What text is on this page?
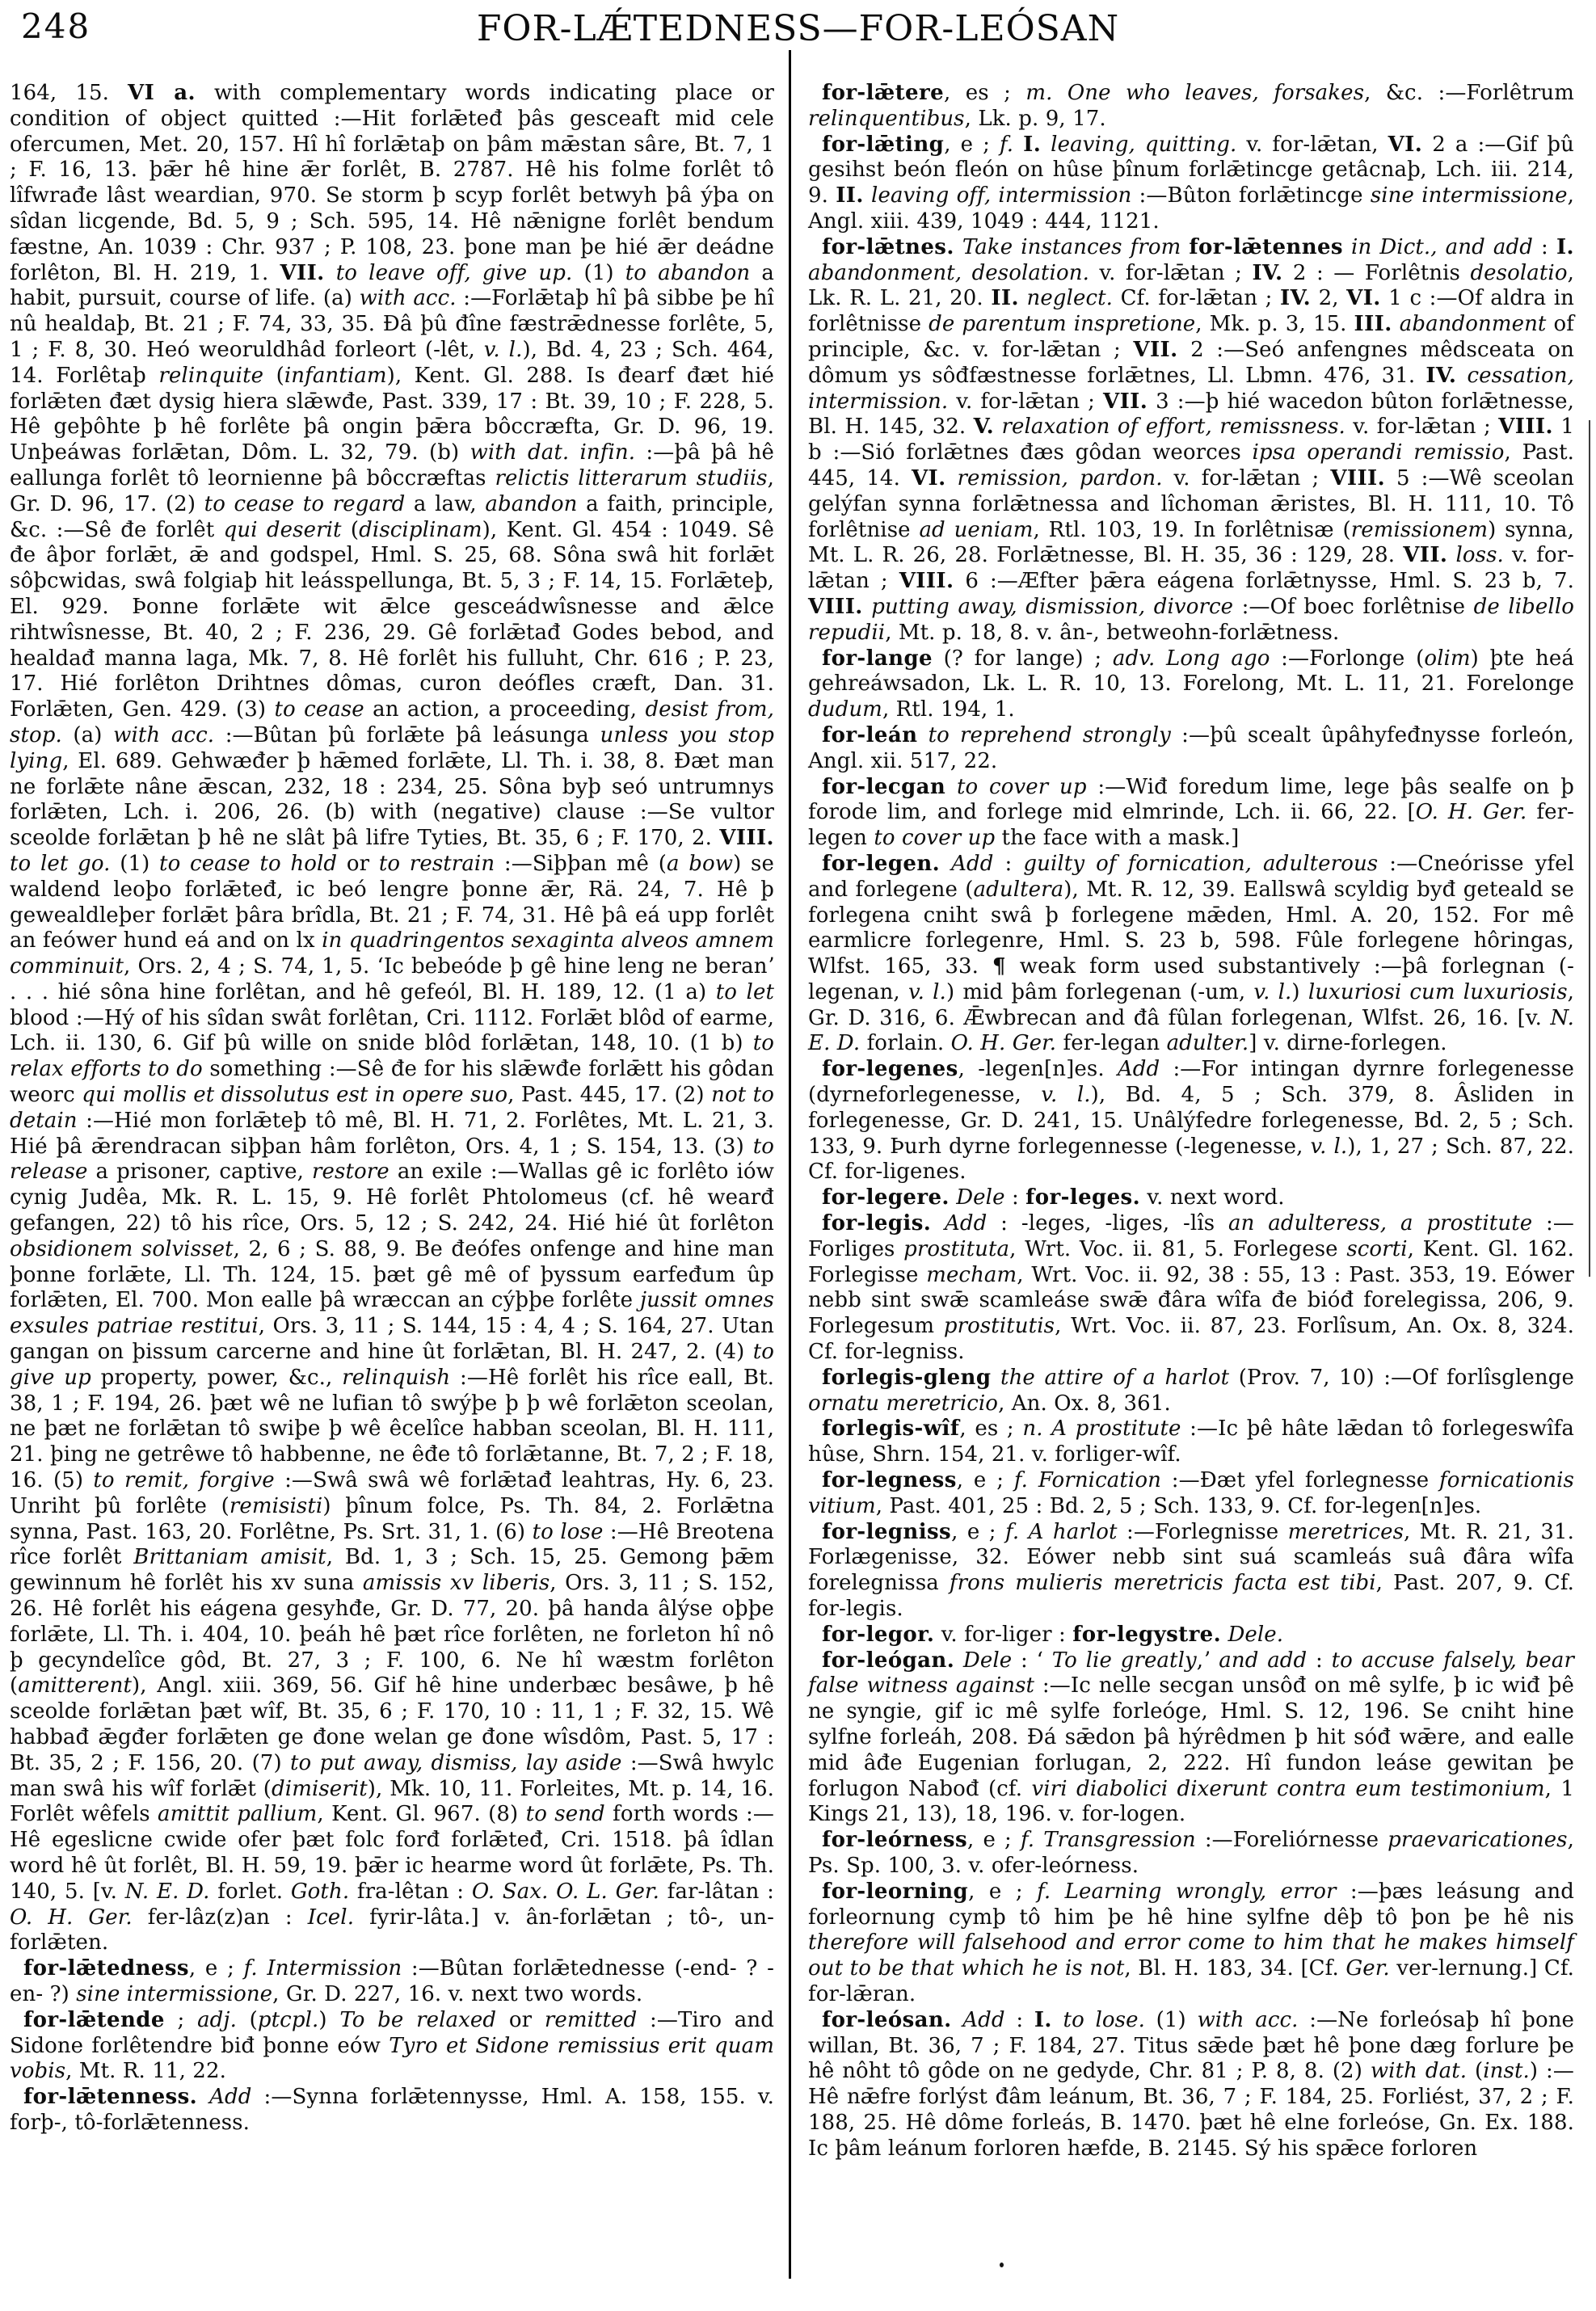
248	FOR-LǼTEDNESS—FOR-LEÓSAN

164, 15. VI a. with complementary words indicating place or condition of object quitted :—Hit forlǣteđ þâs gesceaft mid cele ofercumen, Met. 20, 157. Hî hî forlǣtaþ on þâm mǣstan sâre, Bt. 7, 1 ; F. 16, 13. þǣr hê hine ǣr forlêt, B. 2787. Hê his folme forlêt tô lîfwrađe lâst weardian, 970. Se storm þ scyp forlêt betwyh þâ ýþa on sîdan licgende, Bd. 5, 9 ; Sch. 595, 14. Hê nǣnigne forlêt bendum fæstne, An. 1039 : Chr. 937 ; P. 108, 23. þone man þe hié ǣr deádne forlêton, Bl. H. 219, 1. VII. to leave off, give up. (1) to abandon a habit, pursuit, course of life. (a) with acc. :—Forlǣtaþ hî þâ sibbe þe hî nû healdaþ, Bt. 21 ; F. 74, 33, 35. Ðâ þû đîne fæstrǣdnesse forlête, 5, 1 ; F. 8, 30. Heó weoruldhâd forleort (-lêt, v. l.), Bd. 4, 23 ; Sch. 464, 14. Forlêtaþ relinquite (infantiam), Kent. Gl. 288. Is đearf đæt hié forlǣten đæt dysig hiera slǣwđe, Past. 339, 17 : Bt. 39, 10 ; F. 228, 5. Hê geþôhte þ hê forlête þâ ongin þǣra bôccræfta, Gr. D. 96, 19. Unþeáwas forlǣtan, Dôm. L. 32, 79. (b) with dat. infin. :—þâ þâ hê eallunga forlêt tô leornienne þâ bôccræftas relictis litterarum studiis, Gr. D. 96, 17. (2) to cease to regard a law, abandon a faith, principle, &c. :—Sê đe forlêt qui deserit (disciplinam), Kent. Gl. 454 : 1049. Sê đe âþor forlǣt, ǣ and godspel, Hml. S. 25, 68. Sôna swâ hit forlǣt sôþcwidas, swâ folgiaþ hit leásspellunga, Bt. 5, 3 ; F. 14, 15. Forlǣteþ, El. 929. Þonne forlǣte wit ǣlce gesceádwîsnesse and ǣlce rihtwîsnesse, Bt. 40, 2 ; F. 236, 29. Gê forlǣtađ Godes bebod, and healdađ manna laga, Mk. 7, 8. Hê forlêt his fulluht, Chr. 616 ; P. 23, 17. Hié forlêton Drihtnes dômas, curon deófles cræft, Dan. 31. Forlǣten, Gen. 429. (3) to cease an action, a proceeding, desist from, stop. (a) with acc. :—Bûtan þû forlǣte þâ leásunga unless you stop lying, El. 689. Gehwæđer þ hǣmed forlǣte, Ll. Th. i. 38, 8. Ðæt man ne forlǣte nâne ǣscan, 232, 18 : 234, 25. Sôna byþ seó untrumnys forlǣten, Lch. i. 206, 26. (b) with (negative) clause :—Se vultor sceolde forlǣtan þ hê ne slât þâ lifre Tyties, Bt. 35, 6 ; F. 170, 2. VIII. to let go. (1) to cease to hold or to restrain :—Siþþan mê (a bow) se waldend leoþo forlǣteđ, ic beó lengre þonne ǣr, Rä. 24, 7. Hê þ gewealdleþer forlǣt þâra brîdla, Bt. 21 ; F. 74, 31. Hê þâ eá upp forlêt an feówer hund eá and on lx in quadringentos sexaginta alveos amnem comminuit, Ors. 2, 4 ; S. 74, 1, 5. ʻIc bebeóde þ gê hine leng ne beranʼ . . . hié sôna hine forlêtan, and hê gefeól, Bl. H. 189, 12. (1 a) to let blood :—Hý of his sîdan swât forlêtan, Cri. 1112. Forlǣt blôd of earme, Lch. ii. 130, 6. Gif þû wille on snide blôd forlǣtan, 148, 10. (1 b) to relax efforts to do something :—Sê đe for his slǣwđe forlǣtt his gôdan weorc qui mollis et dissolutus est in opere suo, Past. 445, 17. (2) not to detain :—Hié mon forlǣteþ tô mê, Bl. H. 71, 2. Forlêtes, Mt. L. 21, 3. Hié þâ ǣrendracan siþþan hâm forlêton, Ors. 4, 1 ; S. 154, 13. (3) to release a prisoner, captive, restore an exile :—Wallas gê ic forlêto iów cynig Judêa, Mk. R. L. 15, 9. Hê forlêt Phtolomeus (cf. hê wearđ gefangen, 22) tô his rîce, Ors. 5, 12 ; S. 242, 24. Hié hié ût forlêton obsidionem solvisset, 2, 6 ; S. 88, 9. Be đeófes onfenge and hine man þonne forlǣte, Ll. Th. 124, 15. þæt gê mê of þyssum earfeđum ûp forlǣten, El. 700. Mon ealle þâ wræccan an cýþþe forlête jussit omnes exsules patriae restitui, Ors. 3, 11 ; S. 144, 15 : 4, 4 ; S. 164, 27. Utan gangan on þissum carcerne and hine ût forlǣtan, Bl. H. 247, 2. (4) to give up property, power, &c., relinquish :—Hê forlêt his rîce eall, Bt. 38, 1 ; F. 194, 26. þæt wê ne lufian tô swýþe þ þ wê forlǣton sceolan, ne þæt ne forlǣtan tô swiþe þ wê êcelîce habban sceolan, Bl. H. 111, 21. þing ne getrêwe tô habbenne, ne êđe tô forlǣtanne, Bt. 7, 2 ; F. 18, 16. (5) to remit, forgive :—Swâ swâ wê forlǣtađ leahtras, Hy. 6, 23. Unriht þû forlête (remisisti) þînum folce, Ps. Th. 84, 2. Forlǣtna synna, Past. 163, 20. Forlêtne, Ps. Srt. 31, 1. (6) to lose :—Hê Breotena rîce forlêt Brittaniam amisit, Bd. 1, 3 ; Sch. 15, 25. Gemong þǣm gewinnum hê forlêt his xv suna amissis xv liberis, Ors. 3, 11 ; S. 152, 26. Hê forlêt his eágena gesyhđe, Gr. D. 77, 20. þâ handa âlýse oþþe forlǣte, Ll. Th. i. 404, 10. þeáh hê þæt rîce forlêten, ne forleton hî nô þ gecyndelîce gôd, Bt. 27, 3 ; F. 100, 6. Ne hî wæstm forlêton (amitterent), Angl. xiii. 369, 56. Gif hê hine underbæc besâwe, þ hê sceolde forlǣtan þæt wîf, Bt. 35, 6 ; F. 170, 10 : 11, 1 ; F. 32, 15. Wê habbađ ǣgđer forlǣten ge đone welan ge đone wîsdôm, Past. 5, 17 : Bt. 35, 2 ; F. 156, 20. (7) to put away, dismiss, lay aside :—Swâ hwylc man swâ his wîf forlǣt (dimiserit), Mk. 10, 11. Forleites, Mt. p. 14, 16. Forlêt wêfels amittit pallium, Kent. Gl. 967. (8) to send forth words :—Hê egeslicne cwide ofer þæt folc forđ forlǣteđ, Cri. 1518. þâ îdlan word hê ût forlêt, Bl. H. 59, 19. þǣr ic hearme word ût forlǣte, Ps. Th. 140, 5. [v. N. E. D. forlet. Goth. fra-lêtan : O. Sax. O. L. Ger. far-lâtan : O. H. Ger. fer-lâz(z)an : Icel. fyrir-lâta.] v. ân-forlǣtan ; tô-, un-forlǣten.

for-lǣtedness, e ; f. Intermission :—Bûtan forlǣtednesse (-end- ? -en- ?) sine intermissione, Gr. D. 227, 16. v. next two words.

for-lǣtende ; adj. (ptcpl.) To be relaxed or remitted :—Tiro and Sidone forlêtendre biđ þonne eów Tyro et Sidone remissius erit quam vobis, Mt. R. 11, 22.

for-lǣtenness. Add :—Synna forlǣtennysse, Hml. A. 158, 155. v. forþ-, tô-forlǣtenness.

for-lǣtere, es ; m. One who leaves, forsakes, &c. :—Forlêtrum relinquentibus, Lk. p. 9, 17.

for-lǣting, e ; f. I. leaving, quitting. v. for-lǣtan, VI. 2 a :—Gif þû gesihst beón fleón on hûse þînum forlǣtincge getâcnaþ, Lch. iii. 214, 9. II. leaving off, intermission :—Bûton forlǣtincge sine intermissione, Angl. xiii. 439, 1049 : 444, 1121.

for-lǣtnes. Take instances from for-lǣtennes in Dict., and add : I. abandonment, desolation. v. for-lǣtan ; IV. 2 : — Forlêtnis desolatio, Lk. R. L. 21, 20. II. neglect. Cf. for-lǣtan ; IV. 2, VI. 1 c :—Of aldra in forlêtnisse de parentum inspretione, Mk. p. 3, 15. III. abandonment of principle, &c. v. for-lǣtan ; VII. 2 :—Seó anfengnes mêdsceata on dômum ys sôđfæstnesse forlǣtnes, Ll. Lbmn. 476, 31. IV. cessation, intermission. v. for-lǣtan ; VII. 3 :—þ hié wacedon bûton forlǣtnesse, Bl. H. 145, 32. V. relaxation of effort, remissness. v. for-lǣtan ; VIII. 1 b :—Sió forlǣtnes đæs gôdan weorces ipsa operandi remissio, Past. 445, 14. VI. remission, pardon. v. for-lǣtan ; VIII. 5 :—Wê sceolan gelýfan synna forlǣtnessa and lîchoman ǣristes, Bl. H. 111, 10. Tô forlêtnise ad ueniam, Rtl. 103, 19. In forlêtnisæ (remissionem) synna, Mt. L. R. 26, 28. Forlǣtnesse, Bl. H. 35, 36 : 129, 28. VII. loss. v. for-lǣtan ; VIII. 6 :—Æfter þǣra eágena forlǣtnysse, Hml. S. 23 b, 7. VIII. putting away, dismission, divorce :—Of boec forlêtnise de libello repudii, Mt. p. 18, 8. v. ân-, betweohn-forlǣtness.

for-lange (? for lange) ; adv. Long ago :—Forlonge (olim) þte heá gehreáwsadon, Lk. L. R. 10, 13. Forelong, Mt. L. 11, 21. Forelonge dudum, Rtl. 194, 1.

for-leán to reprehend strongly :—þû scealt ûpâhyfeđnysse forleón, Angl. xii. 517, 22.

for-lecgan to cover up :—Wiđ foredum lime, lege þâs sealfe on þ forode lim, and forlege mid elmrinde, Lch. ii. 66, 22. [O. H. Ger. fer-legen to cover up the face with a mask.]

for-legen. Add : guilty of fornication, adulterous :—Cneórisse yfel and forlegene (adultera), Mt. R. 12, 39. Eallswâ scyldig byđ geteald se forlegena cniht swâ þ forlegene mǣden, Hml. A. 20, 152. For mê earmlicre forlegenre, Hml. S. 23 b, 598. Fûle forlegene hôringas, Wlfst. 165, 33. ¶ weak form used substantively :—þâ forlegnan (-legenan, v. l.) mid þâm forlegenan (-um, v. l.) luxuriosi cum luxuriosis, Gr. D. 316, 6. Ǣwbrecan and đâ fûlan forlegenan, Wlfst. 26, 16. [v. N. E. D. forlain. O. H. Ger. fer-legan adulter.] v. dirne-forlegen.

for-legenes, -legen[n]es. Add :—For intingan dyrnre forlegenesse (dyrneforlegenesse, v. l.), Bd. 4, 5 ; Sch. 379, 8. Âsliden in forlegenesse, Gr. D. 241, 15. Unâlýfedre forlegenesse, Bd. 2, 5 ; Sch. 133, 9. Þurh dyrne forlegennesse (-legenesse, v. l.), 1, 27 ; Sch. 87, 22. Cf. for-ligenes.

for-legere. Dele : for-leges. v. next word.

for-legis. Add : -leges, -liges, -lîs an adulteress, a prostitute :—Forliges prostituta, Wrt. Voc. ii. 81, 5. Forlegese scorti, Kent. Gl. 162. Forlegisse mecham, Wrt. Voc. ii. 92, 38 : 55, 13 : Past. 353, 19. Eówer nebb sint swǣ scamleáse swǣ đâra wîfa đe bióđ forelegissa, 206, 9. Forlegesum prostitutis, Wrt. Voc. ii. 87, 23. Forlîsum, An. Ox. 8, 324. Cf. for-legniss.

forlegis-gleng the attire of a harlot (Prov. 7, 10) :—Of forlîsglenge ornatu meretricio, An. Ox. 8, 361.

forlegis-wîf, es ; n. A prostitute :—Ic þê hâte lǣdan tô forlegeswîfa hûse, Shrn. 154, 21. v. forliger-wîf.

for-legness, e ; f. Fornication :—Ðæt yfel forlegnesse fornicationis vitium, Past. 401, 25 : Bd. 2, 5 ; Sch. 133, 9. Cf. for-legen[n]es.

for-legniss, e ; f. A harlot :—Forlegnisse meretrices, Mt. R. 21, 31. Forlægenisse, 32. Eówer nebb sint suá scamleás suâ đâra wîfa forelegnissa frons mulieris meretricis facta est tibi, Past. 207, 9. Cf. for-legis.

for-legor. v. for-liger : for-legystre. Dele.

for-leógan. Dele : ʻ To lie greatly,ʼ and add : to accuse falsely, bear false witness against :—Ic nelle secgan unsôđ on mê sylfe, þ ic wiđ þê ne syngie, gif ic mê sylfe forleóge, Hml. S. 12, 196. Se cniht hine sylfne forleáh, 208. Ðá sǣdon þâ hýrêdmen þ hit sóđ wǣre, and ealle mid âđe Eugenian forlugan, 2, 222. Hî fundon leáse gewitan þe forlugon Nabođ (cf. viri diabolici dixerunt contra eum testimonium, 1 Kings 21, 13), 18, 196. v. for-logen.

for-leórness, e ; f. Transgression :—Foreliórnesse praevaricationes, Ps. Sp. 100, 3. v. ofer-leórness.

for-leorning, e ; f. Learning wrongly, error :—þæs leásung and forleornung cymþ tô him þe hê hine sylfne dêþ tô þon þe hê nis therefore will falsehood and error come to him that he makes himself out to be that which he is not, Bl. H. 183, 34. [Cf. Ger. ver-lernung.] Cf. for-lǣran.

for-leósan. Add : I. to lose. (1) with acc. :—Ne forleósaþ hî þone willan, Bt. 36, 7 ; F. 184, 27. Titus sǣde þæt hê þone dæg forlure þe hê nôht tô gôde on ne gedyde, Chr. 81 ; P. 8, 8. (2) with dat. (inst.) :—Hê nǣfre forlýst đâm leánum, Bt. 36, 7 ; F. 184, 25. Forliést, 37, 2 ; F. 188, 25. Hê dôme forleás, B. 1470. þæt hê elne forleóse, Gn. Ex. 188. Ic þâm leánum forloren hæfde, B. 2145. Sý his spǣce forloren
